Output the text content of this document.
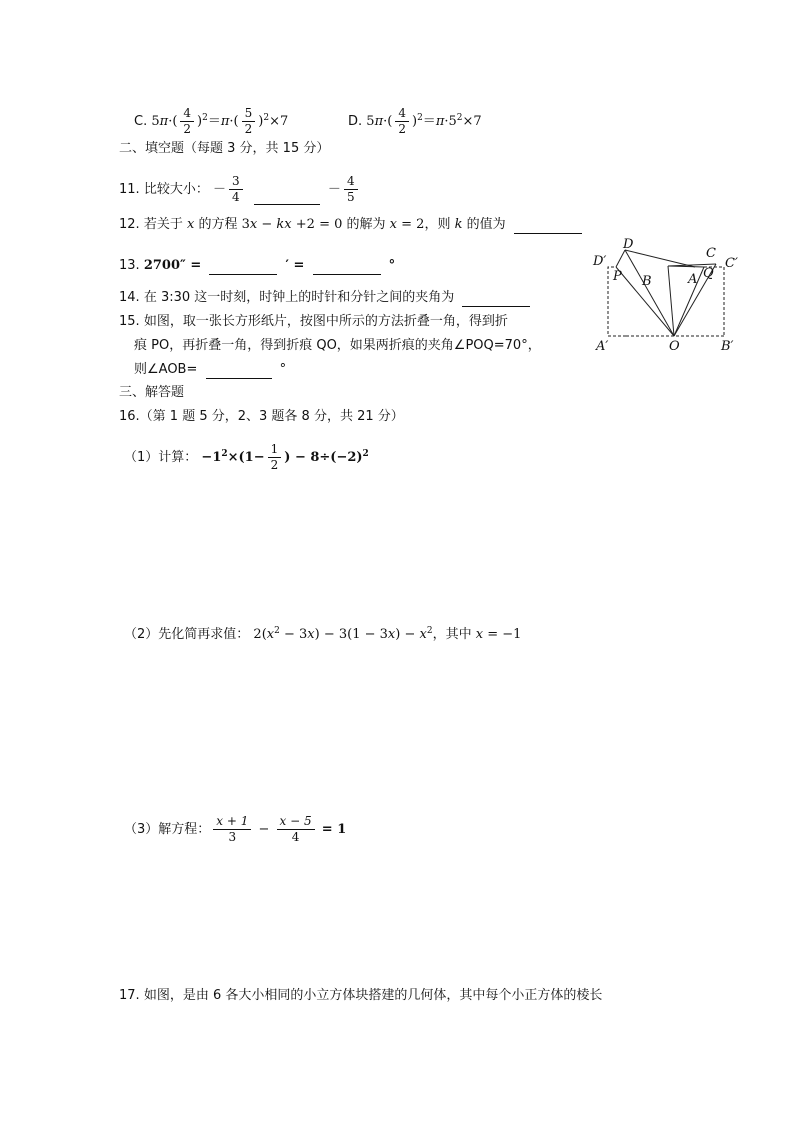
C. $5\pi\cdot( \frac{4}{2} )^2=\pi\cdot( \frac{5}{2} )^2\times 7$	D. $5\pi\cdot( \frac{4}{2} )^2=\pi\cdot 5^2\times 7$
二、填空题（每题 3 分，共 15 分）
11. 比较大小： － $\frac{3}{4}$	－ $\frac{4}{5}$
12. 若关于 x 的方程 3x − kx +2 = 0 的解为 x = 2，则 k 的值为
13. 2700″ =	′ =	°
14. 在 3:30 这一时刻，时钟上的时针和分针之间的夹角为
15. 如图，取一张长方形纸片，按图中所示的方法折叠一角，得到折
痕 PO，再折叠一角，得到折痕 QO，如果两折痕的夹角∠POQ=70°，
则∠AOB=	°
D
D′
P B	A
C
Q
C′
A′	O	B′
三、解答题
16.（第 1 题 5 分，2、3 题各 8 分，共 21 分）
（1）计算： $-1^2\times(1- \frac{1}{2}$ ) − $8\div(-2)^2$
（2）先化简再求值： $2(x^2 - 3x) - 3(1 - 3x) - x^2$，其中 x = −1
（3）解方程： $\frac{x + 1}{3} - \frac{x - 5}{4} = 1$
17. 如图，是由 6 各大小相同的小立方体块搭建的几何体，其中每个小正方体的棱长
